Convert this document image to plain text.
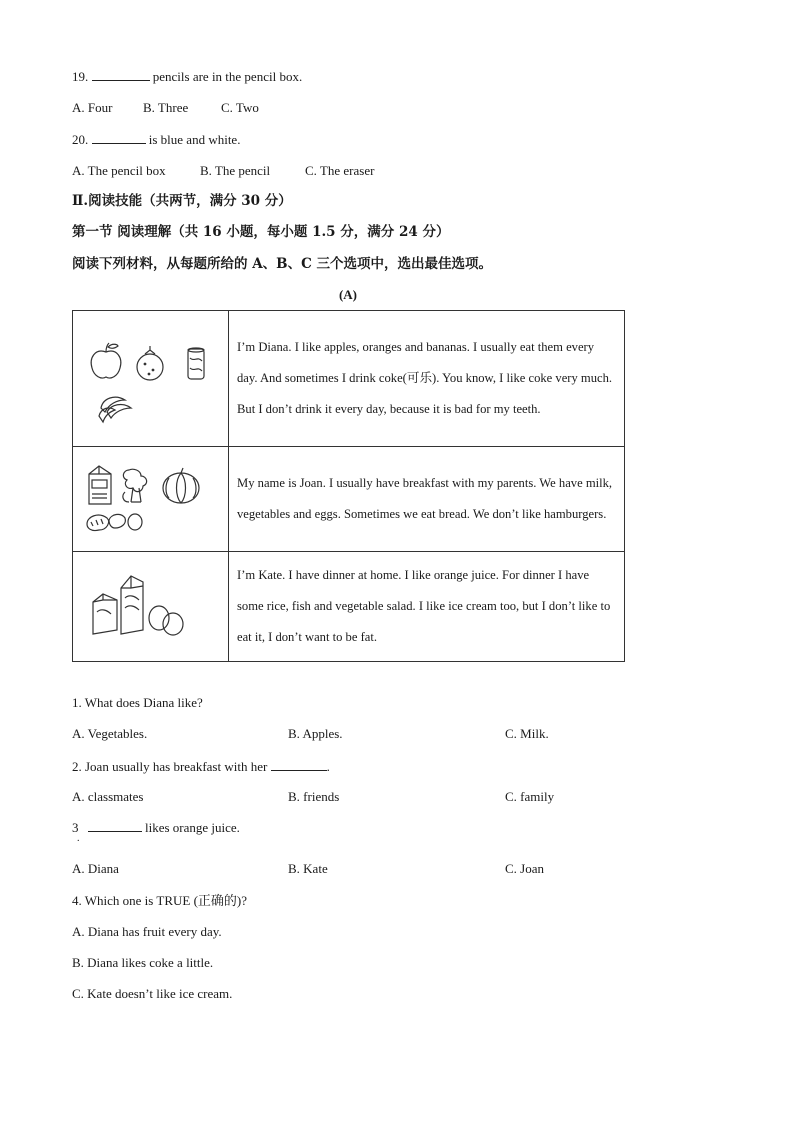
19.	pencils are in the pencil box.
A. Four B. Three	C. Two
20.	is blue and white.
A. The pencil box	B. The pencil	C. The eraser
Ⅱ.阅读技能（共两节，满分 30 分）
第一节 阅读理解（共 16 小题，每小题 1.5 分，满分 24 分）
阅读下列材料，从每题所给的 A、B、C 三个选项中，选出最佳选项。
(A)
	I’m Diana. I like apples, oranges and bananas. I usually eat them every day. And sometimes I drink coke(可乐). You know, I like coke very much. But I don’t drink it every day, because it is bad for my teeth.

	My name is Joan. I usually have breakfast with my parents. We have milk, vegetables and eggs. Sometimes we eat bread. We don’t like hamburgers.

	I’m Kate. I have dinner at home. I like orange juice. For dinner I have some rice, fish and vegetable salad. I like ice cream too, but I don’t like to eat it, I don’t want to be fat.
1. What does Diana like?
A. Vegetables.	B. Apples.	C. Milk.
2. Joan usually has breakfast with her	.
A. classmates	B. friends	C. family
3	likes orange juice.
.
A. Diana	B. Kate	C. Joan
4. Which one is TRUE (正确的)?
A. Diana has fruit every day.
B. Diana likes coke a little.
C. Kate doesn’t like ice cream.
